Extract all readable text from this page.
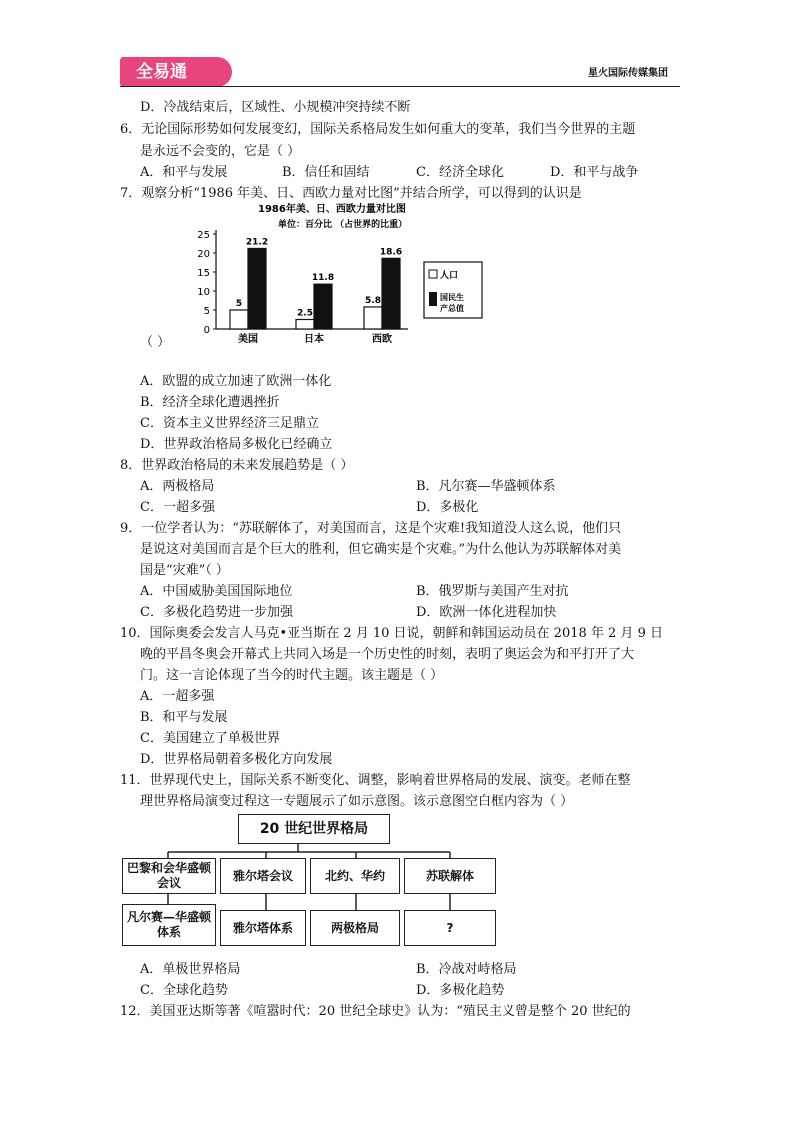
全易通	星火国际传媒集团
D．冷战结束后，区域性、小规模冲突持续不断
6．无论国际形势如何发展变幻，国际关系格局发生如何重大的变革，我们当今世界的主题
是永远不会变的，它是（ ）
A．和平与发展	B．信任和固结	C．经济全球化	D．和平与战争
7．观察分析“1986 年美、日、西欧力量对比图”并结合所学，可以得到的认识是
1986年美、日、西欧力量对比图
单位：百分比 （占世界的比重）
0
5
10
15
20
25
5
21.2
美国
2.5
11.8
日本
5.8
18.6
西欧
人口
国民生
产总值
（ ）
A．欧盟的成立加速了欧洲一体化
B．经济全球化遭遇挫折
C．资本主义世界经济三足鼎立
D．世界政治格局多极化已经确立
8．世界政治格局的未来发展趋势是（ ）
A．两极格局	B．凡尔赛—华盛顿体系
C．一超多强	D．多极化
9．一位学者认为：“苏联解体了，对美国而言，这是个灾难!我知道没人这么说，他们只
是说这对美国而言是个巨大的胜利，但它确实是个灾难。”为什么他认为苏联解体对美
国是“灾难”（ ）
A．中国威胁美国国际地位	B．俄罗斯与美国产生对抗
C．多极化趋势进一步加强	D．欧洲一体化进程加快
10．国际奥委会发言人马克•亚当斯在 2 月 10 日说，朝鲜和韩国运动员在 2018 年 2 月 9 日
晚的平昌冬奥会开幕式上共同入场是一个历史性的时刻，表明了奥运会为和平打开了大
门。这一言论体现了当今的时代主题。该主题是（ ）
A．一超多强
B．和平与发展
C．美国建立了单极世界
D．世界格局朝着多极化方向发展
11．世界现代史上，国际关系不断变化、调整，影响着世界格局的发展、演变。老师在整
理世界格局演变过程这一专题展示了如示意图。该示意图空白框内容为（ ）
20 世纪世界格局
巴黎和会华盛顿会议
雅尔塔会议	北约、华约	苏联解体
凡尔赛—华盛顿体系	雅尔塔体系	两极格局	?
A．单极世界格局	B．冷战对峙格局
C．全球化趋势	D．多极化趋势
12．美国亚达斯等著《喧嚣时代：20 世纪全球史》认为：“殖民主义曾是整个 20 世纪的
